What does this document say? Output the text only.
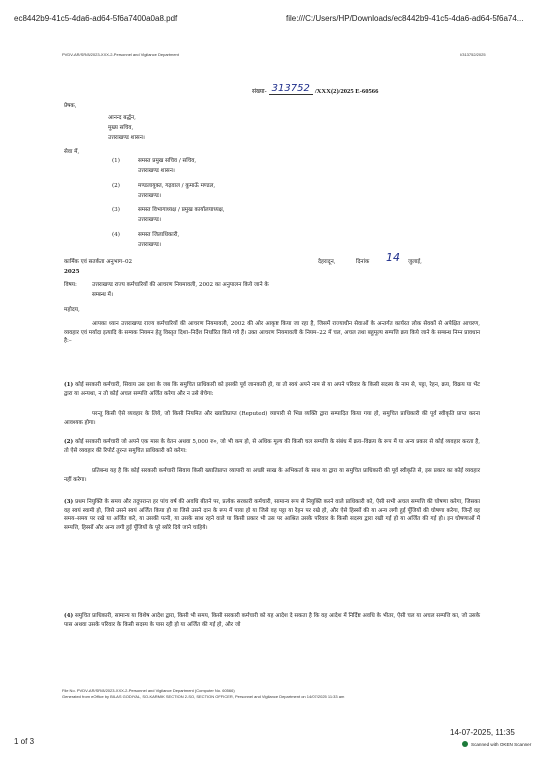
ec8442b9-41c5-4da6-ad64-5f6a7400a0a8.pdf	file:///C:/Users/HP/Downloads/ec8442b9-41c5-4da6-ad64-5f6a74...
PVDV-AR/SR/8/2023-XXX-2-Personnel and Vigilance Department	I/313752/2025
संख्या- 313752 /XXX(2)/2025 E-60566
प्रेषक,
आनन्द बर्द्धन,
मुख्य सचिव,
उत्तराखण्ड शासन।
सेवा में,
(1)	समस्त प्रमुख सचिव / सचिव,
उत्तराखण्ड शासन।
(2)	मण्डलायुक्त, गढ़वाल / कुमाऊँ मण्डल,
उत्तराखण्ड।
(3)	समस्त विभागाध्यक्ष / प्रमुख कार्यालयाध्यक्ष,
उत्तराखण्ड।
(4)	समस्त जिलाधिकारी,
उत्तराखण्ड।
कार्मिक एवं सतर्कता अनुभाग–02	देहरादून,	दिनांक 14 जुलाई,
2025
विषय:	उत्तराखण्ड राज्य कर्मचारियों की आचरण नियमावली, 2002 का अनुपालन किये जाने के
सम्बन्ध में।
महोदय,
आपका ध्यान उत्तराखण्ड राज्य कर्मचारियों की आचरण नियमावली, 2002 की ओर आकृष्ट किया जा रहा है, जिसमें राज्याधीन सेवाओं के अन्तर्गत कार्यरत लोक सेवकों से अपेक्षित आचरण, व्यवहार एवं मर्यादा इत्यादि के सम्यक नियमन हेतु विस्तृत दिशा–निर्देश निर्धारित किये गये हैं। उक्त आचरण नियमावली के नियम–22 में चल, अचल तथा बहुमूल्य सम्पत्ति क्रय किये जाने के सम्बन्ध निम्न प्रावधान है:–
(1) कोई सरकारी कर्मचारी, सिवाय उस दशा के जब कि समुचित प्राधिकारी को इसकी पूर्व जानकारी हो, या तो स्वयं अपने नाम से या अपने परिवार के किसी सदस्य के नाम से, पट्टा, रेहन, क्रय, विक्रय या भेंट द्वारा या अन्यथा, न तो कोई अचल सम्पत्ति अर्जित करेगा और न उसे बेचेगा:
परन्तु किसी ऐसे व्यवहार के लिये, जो किसी नियमित और ख्यातिप्राप्त (Reputed) व्यापारी से भिन्न व्यक्ति द्वारा सम्पादित किया गया हो, समुचित प्राधिकारी की पूर्व स्वीकृति प्राप्त करना आवश्यक होगा।
(2) कोई सरकारी कर्मचारी जो अपने एक मास के वेतन अथवा 5,000 रु०, जो भी कम हो, से अधिक मूल्य की किसी चल सम्पत्ति के संबंध में क्रय–विक्रय के रूप में या अन्य प्रकार से कोई व्यवहार करता है, तो ऐसे व्यवहार की रिपोर्ट तुरन्त समुचित प्राधिकारी को करेगा:
प्रतिबन्ध यह है कि कोई सरकारी कर्मचारी सिवाय किसी ख्यातिप्राप्त व्यापारी या अच्छी साख के अभिकर्ता के साथ या द्वारा या समुचित प्राधिकारी की पूर्व स्वीकृति से, इस प्रकार का कोई व्यवहार नहीं करेगा।
(3) प्रथम नियुक्ति के समय और तदुपरान्त हर पांच वर्ष की अवधि बीतने पर, प्रत्येक सरकारी कर्मचारी, सामान्य रूप से नियुक्ति करने वाले प्राधिकारी को, ऐसी सभी अचल सम्पत्ति की घोषणा करेगा, जिसका वह स्वयं स्वामी हो, जिसे उसने स्वयं अर्जित किया हो या जिसे उसने दान के रूप में पाया हो या जिसे वह पट्टा या रेहन पर रखे हो, और ऐसे हिस्सों की या अन्य लगी हुई पूँजियों की घोषणा करेगा, जिन्हें वह समय–समय पर रखे या अर्जित करे, या उसकी पत्नी, या उसके साथ रहने वाले या किसी प्रकार भी उस पर आश्रित उसके परिवार के किसी सदस्य द्वारा रखी गई हो या अर्जित की गई हो। इन घोषणाओं में सम्पत्ति, हिस्सों और अन्य लगी हुई पूँजियों के पूरे ब्योरे दिये जाने चाहिये।
(4) समुचित प्राधिकारी, सामान्य या विशेष आदेश द्वारा, किसी भी समय, किसी सरकारी कर्मचारी को यह आदेश दे सकता है कि वह आदेश में निर्दिष्ट अवधि के भीतर, ऐसी चल या अचल सम्पत्ति का, जो उसके पास अथवा उसके परिवार के किसी सदस्य के पास रही हो या अर्जित की गई हो, और जो
File No. PVDV-AR/SR/8/2023-XXX-2-Personnel and Vigilance Department (Computer No. 60566)
Generated from eOffice by BILAS GODIYAL, SO-KARMIK SECTION 2-SO, SECTION OFFICER, Personnel and Vigilance Department on 14/07/2025 11:33 am
1 of 3
14-07-2025, 11:35
Scanned with OKEN Scanner
